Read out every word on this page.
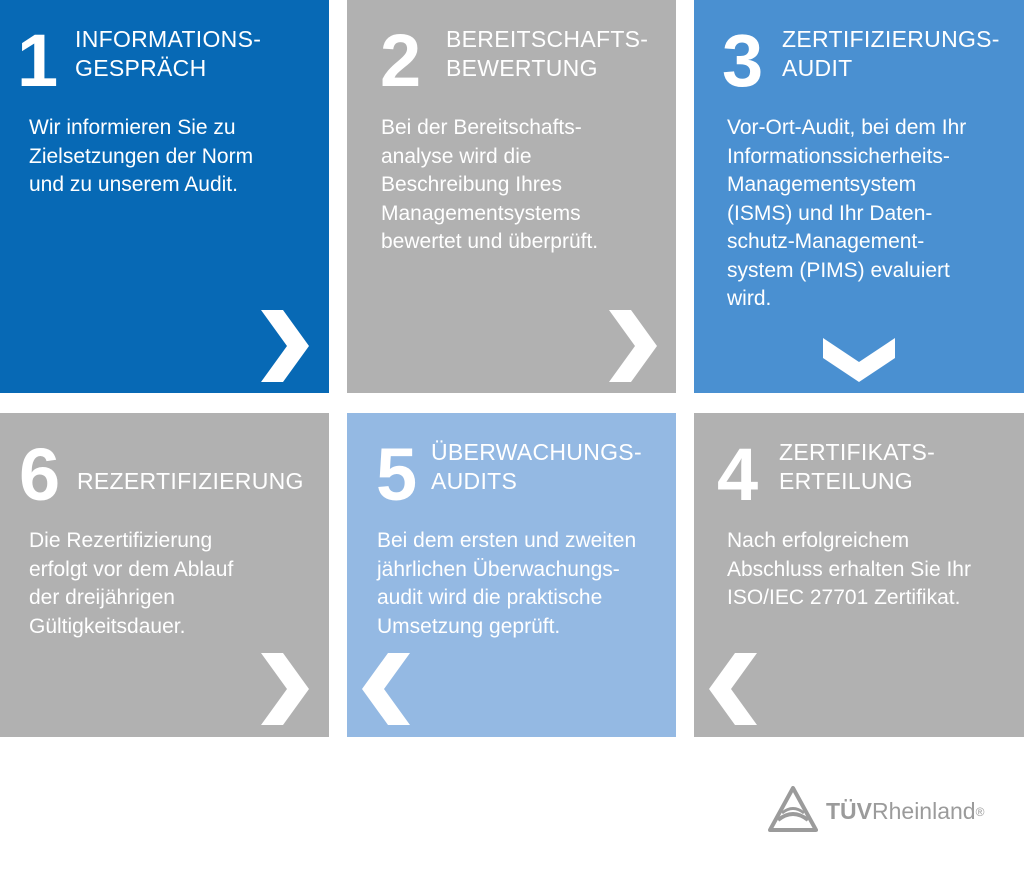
1 INFORMATIONS-
GESPRÄCH
Wir informieren Sie zu
Zielsetzungen der Norm
und zu unserem Audit.
2 BEREITSCHAFTS-
BEWERTUNG
Bei der Bereitschafts-
analyse wird die
Beschreibung Ihres
Managementsystems
bewertet und überprüft.
3 ZERTIFIZIERUNGS-
AUDIT
Vor-Ort-Audit, bei dem Ihr
Informationssicherheits-
Managementsystem
(ISMS) und Ihr Daten-
schutz-Management-
system (PIMS) evaluiert
wird.
6 REZERTIFIZIERUNG
Die Rezertifizierung
erfolgt vor dem Ablauf
der dreijährigen
Gültigkeitsdauer.
5 ÜBERWACHUNGS-
AUDITS
Bei dem ersten und zweiten
jährlichen Überwachungs-
audit wird die praktische
Umsetzung geprüft.
4 ZERTIFIKATS-
ERTEILUNG
Nach erfolgreichem
Abschluss erhalten Sie Ihr
ISO/IEC 27701 Zertifikat.
TÜVRheinland®
